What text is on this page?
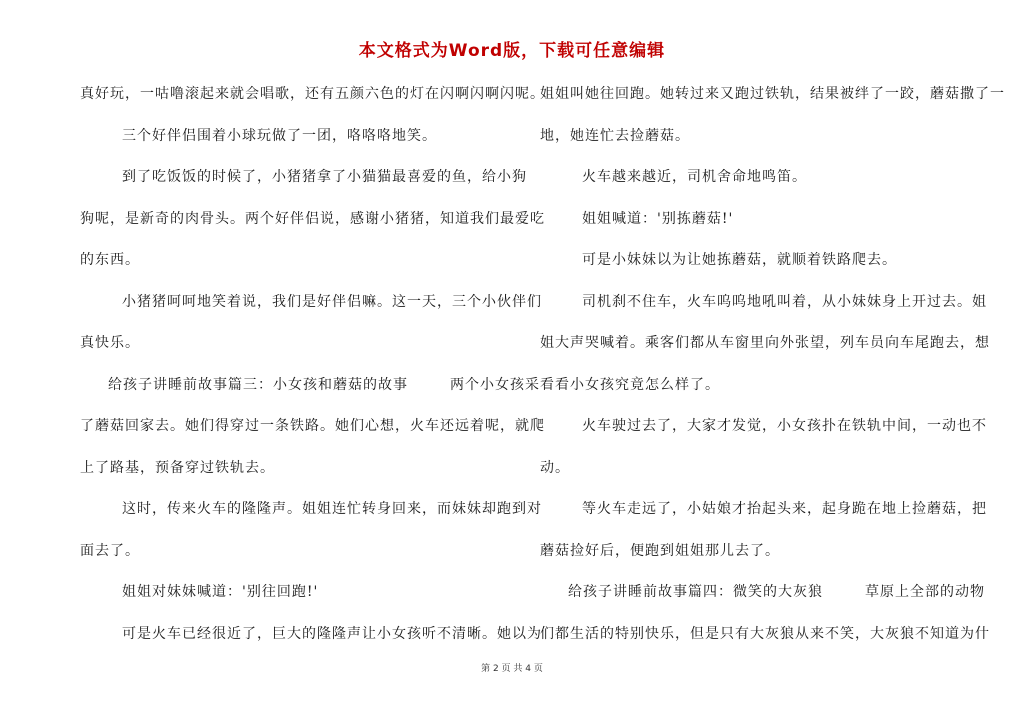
本文格式为Word版，下载可任意编辑
真好玩，一咕噜滚起来就会唱歌，还有五颜六色的灯在闪啊闪啊闪呢。
三个好伴侣围着小球玩做了一团，咯咯咯地笑。
到了吃饭饭的时候了，小猪猪拿了小猫猫最喜爱的鱼，给小狗
狗呢，是新奇的肉骨头。两个好伴侣说，感谢小猪猪，知道我们最爱吃
的东西。
小猪猪呵呵地笑着说，我们是好伴侣嘛。这一天，三个小伙伴们
真快乐。
给孩子讲睡前故事篇三：小女孩和蘑菇的故事	两个小女孩采
了蘑菇回家去。她们得穿过一条铁路。她们心想，火车还远着呢，就爬
上了路基，预备穿过铁轨去。
这时，传来火车的隆隆声。姐姐连忙转身回来，而妹妹却跑到对
面去了。
姐姐对妹妹喊道：'别往回跑!'
可是火车已经很近了，巨大的隆隆声让小女孩听不清晰。她以为
姐姐叫她往回跑。她转过来又跑过铁轨，结果被绊了一跤，蘑菇撒了一
地，她连忙去捡蘑菇。
火车越来越近，司机舍命地鸣笛。
姐姐喊道：'别拣蘑菇!'
可是小妹妹以为让她拣蘑菇，就顺着铁路爬去。
司机刹不住车，火车呜呜地吼叫着，从小妹妹身上开过去。姐
姐大声哭喊着。乘客们都从车窗里向外张望，列车员向车尾跑去，想
看看小女孩究竟怎么样了。
火车驶过去了，大家才发觉，小女孩扑在铁轨中间，一动也不
动。
等火车走远了，小姑娘才抬起头来，起身跪在地上捡蘑菇，把
蘑菇捡好后，便跑到姐姐那儿去了。
给孩子讲睡前故事篇四：微笑的大灰狼	草原上全部的动物
们都生活的特别快乐，但是只有大灰狼从来不笑，大灰狼不知道为什
第 2 页 共 4 页
